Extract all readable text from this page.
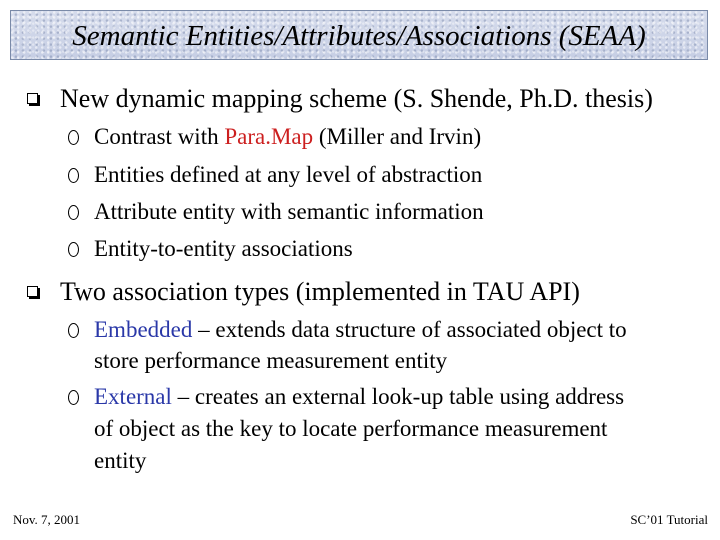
Semantic Entities/Attributes/Associations (SEAA)
New dynamic mapping scheme (S. Shende, Ph.D. thesis)
Contrast with Para.Map (Miller and Irvin)
Entities defined at any level of abstraction
Attribute entity with semantic information
Entity-to-entity associations
Two association types (implemented in TAU API)
Embedded – extends data structure of associated object to
store performance measurement entity
External – creates an external look-up table using address
of object as the key to locate performance measurement
entity
Nov. 7, 2001	SC’01 Tutorial
